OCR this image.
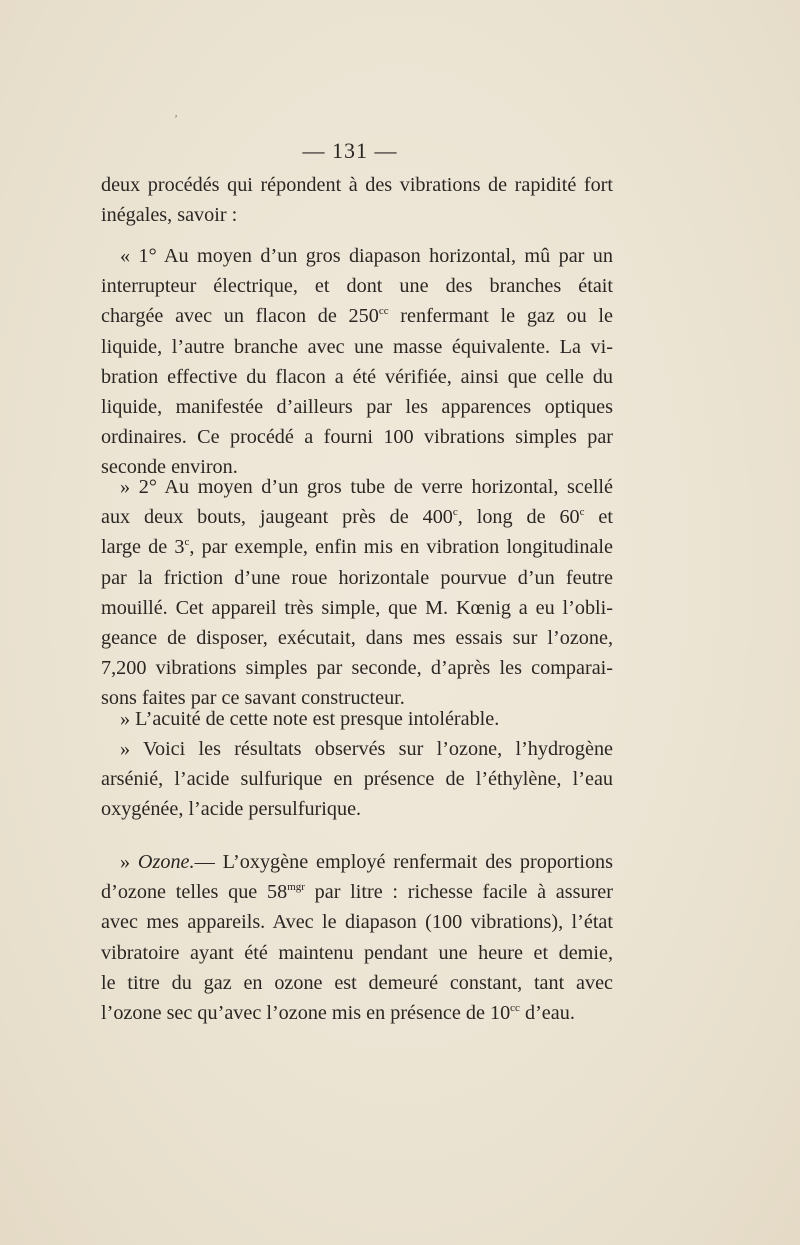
ʼ
— 131 —
deux procédés qui répondent à des vibrations de rapidité fort
inégales, savoir :
« 1° Au moyen d’un gros diapason horizontal, mû par un
interrupteur électrique, et dont une des branches était
chargée avec un flacon de $250^{cc}$ renfermant le gaz ou le
liquide, l’autre branche avec une masse équivalente. La vi-
bration effective du flacon a été vérifiée, ainsi que celle du
liquide, manifestée d’ailleurs par les apparences optiques
ordinaires. Ce procédé a fourni 100 vibrations simples par
seconde environ.
» 2° Au moyen d’un gros tube de verre horizontal, scellé
aux deux bouts, jaugeant près de 400$^c$, long de 60$^c$ et
large de 3$^c$, par exemple, enfin mis en vibration longitudinale
par la friction d’une roue horizontale pourvue d’un feutre
mouillé. Cet appareil très simple, que M. Kœnig a eu l’obli-
geance de disposer, exécutait, dans mes essais sur l’ozone,
7,200 vibrations simples par seconde, d’après les comparai-
sons faites par ce savant constructeur.
» L’acuité de cette note est presque intolérable.
» Voici les résultats observés sur l’ozone, l’hydrogène
arsénié, l’acide sulfurique en présence de l’éthylène, l’eau
oxygénée, l’acide persulfurique.
» Ozone.— L’oxygène employé renfermait des proportions
d’ozone telles que $58^{mgr}$ par litre : richesse facile à assurer
avec mes appareils. Avec le diapason (100 vibrations), l’état
vibratoire ayant été maintenu pendant une heure et demie,
le titre du gaz en ozone est demeuré constant, tant avec
l’ozone sec qu’avec l’ozone mis en présence de $10^{cc}$ d’eau.
